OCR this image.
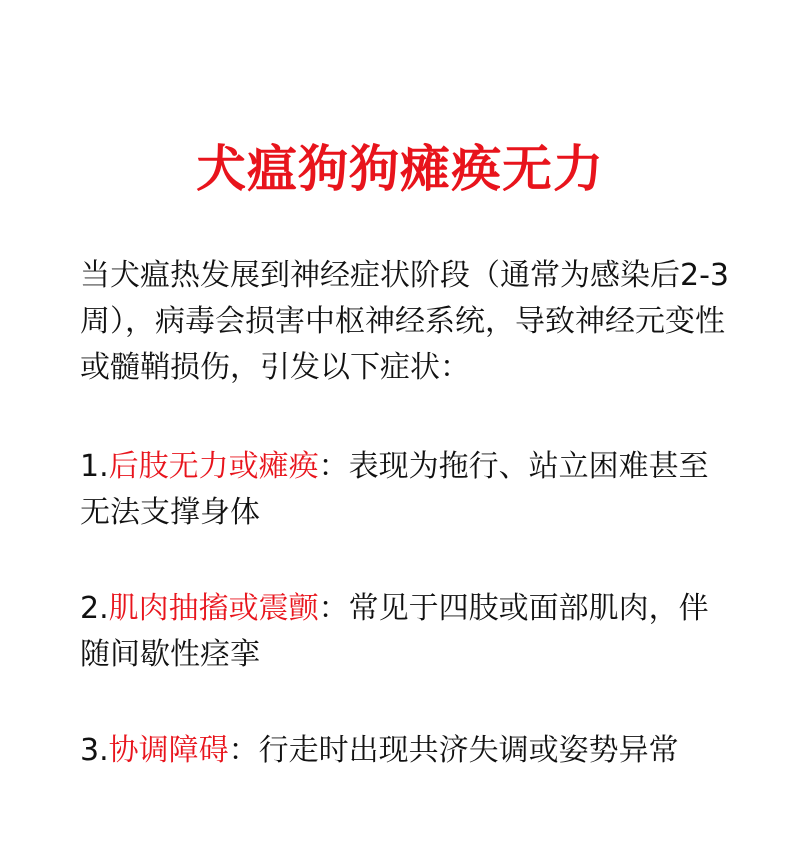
犬瘟狗狗瘫痪无力

当犬瘟热发展到神经症状阶段（通常为感染后2-3周），病毒会损害中枢神经系统，导致神经元变性或髓鞘损伤，引发以下症状：

1.后肢无力或瘫痪：表现为拖行、站立困难甚至无法支撑身体

2.肌肉抽搐或震颤：常见于四肢或面部肌肉，伴随间歇性痉挛

3.协调障碍：行走时出现共济失调或姿势异常
